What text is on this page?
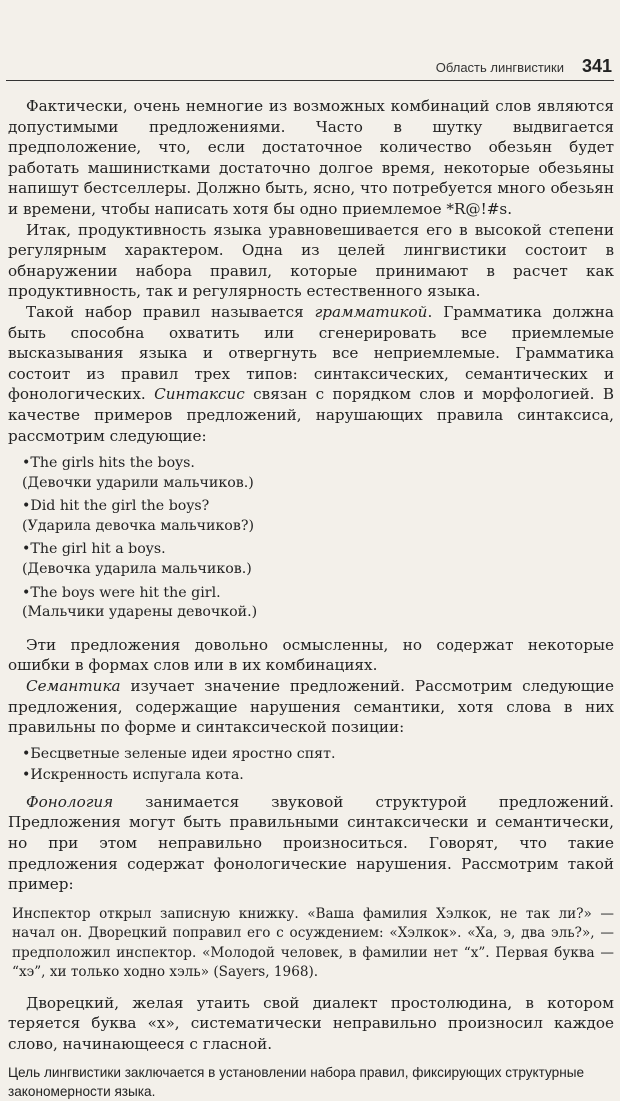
Область лингвистики 341

Фактически, очень немногие из возможных комбинаций слов являются допустимыми предложениями. Часто в шутку выдвигается предположение, что, если достаточное количество обезьян будет работать машинистками достаточно долгое время, некоторые обезьяны напишут бестселлеры. Должно быть, ясно, что потребуется много обезьян и времени, чтобы написать хотя бы одно приемлемое *R@!#s.

Итак, продуктивность языка уравновешивается его в высокой степени регулярным характером. Одна из целей лингвистики состоит в обнаружении набора правил, которые принимают в расчет как продуктивность, так и регулярность естественного языка.

Такой набор правил называется грамматикой. Грамматика должна быть способна охватить или сгенерировать все приемлемые высказывания языка и отвергнуть все неприемлемые. Грамматика состоит из правил трех типов: синтаксических, семантических и фонологических. Синтаксис связан с порядком слов и морфологией. В качестве примеров предложений, нарушающих правила синтаксиса, рассмотрим следующие:

•The girls hits the boys.
(Девочки ударили мальчиков.)
•Did hit the girl the boys?
(Ударила девочка мальчиков?)
•The girl hit a boys.
(Девочка ударила мальчиков.)
•The boys were hit the girl.
(Мальчики ударены девочкой.)

Эти предложения довольно осмысленны, но содержат некоторые ошибки в формах слов или в их комбинациях.

Семантика изучает значение предложений. Рассмотрим следующие предложения, содержащие нарушения семантики, хотя слова в них правильны по форме и синтаксической позиции:

•Бесцветные зеленые идеи яростно спят.
•Искренность испугала кота.

Фонология занимается звуковой структурой предложений. Предложения могут быть правильными синтаксически и семантически, но при этом неправильно произноситься. Говорят, что такие предложения содержат фонологические нарушения. Рассмотрим такой пример:

Инспектор открыл записную книжку. «Ваша фамилия Хэлкок, не так ли?» — начал он. Дворецкий поправил его с осуждением: «Хэлкок». «Ха, э, два эль?», — предположил инспектор. «Молодой человек, в фамилии нет “х”. Первая буква — “хэ”, хи только ходно хэль» (Sayers, 1968).

Дворецкий, желая утаить свой диалект простолюдина, в котором теряется буква «х», систематически неправильно произносил каждое слово, начинающееся с гласной.

Цель лингвистики заключается в установлении набора правил, фиксирующих структурные закономерности языка.
